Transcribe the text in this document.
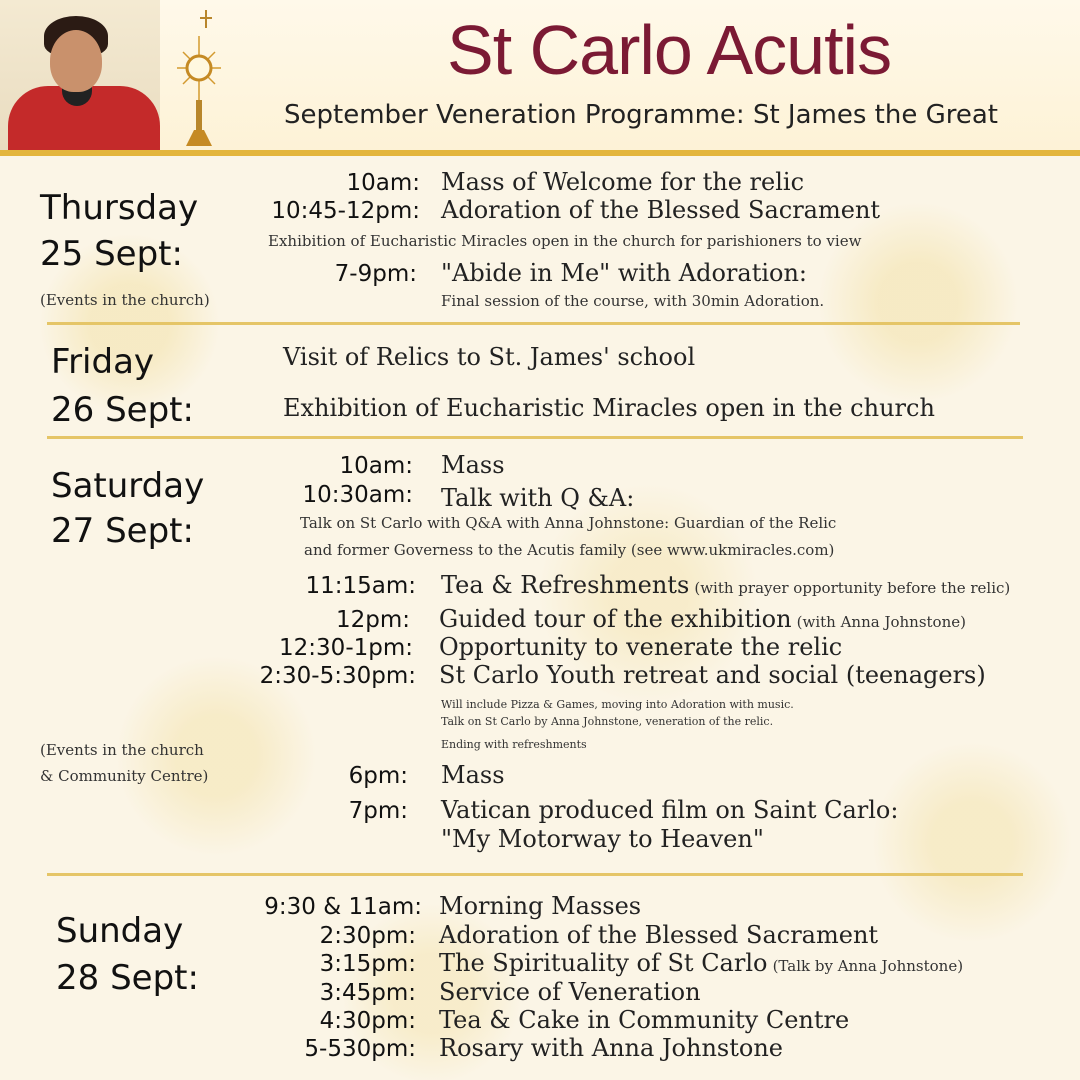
St Carlo Acutis
September Veneration Programme: St James the Great
Thursday
25 Sept:
(Events in the church)
10am: Mass of Welcome for the relic
10:45-12pm: Adoration of the Blessed Sacrament
Exhibition of Eucharistic Miracles open in the church for parishioners to view
7-9pm: "Abide in Me" with Adoration:
Final session of the course, with 30min Adoration.
Friday
26 Sept:
Visit of Relics to St. James' school
Exhibition of Eucharistic Miracles open in the church
Saturday
27 Sept:
(Events in the church
& Community Centre)
10am: Mass
10:30am: Talk with Q &A:
Talk on St Carlo with Q&A with Anna Johnstone: Guardian of the Relic
and former Governess to the Acutis family (see www.ukmiracles.com)
11:15am: Tea & Refreshments (with prayer opportunity before the relic)
12pm: Guided tour of the exhibition (with Anna Johnstone)
12:30-1pm: Opportunity to venerate the relic
2:30-5:30pm: St Carlo Youth retreat and social (teenagers)
Will include Pizza & Games, moving into Adoration with music.
Talk on St Carlo by Anna Johnstone, veneration of the relic.
Ending with refreshments
6pm: Mass
7pm: Vatican produced film on Saint Carlo:
"My Motorway to Heaven"
Sunday
28 Sept:
9:30 & 11am: Morning Masses
2:30pm: Adoration of the Blessed Sacrament
3:15pm: The Spirituality of St Carlo (Talk by Anna Johnstone)
3:45pm: Service of Veneration
4:30pm: Tea & Cake in Community Centre
5-530pm: Rosary with Anna Johnstone
